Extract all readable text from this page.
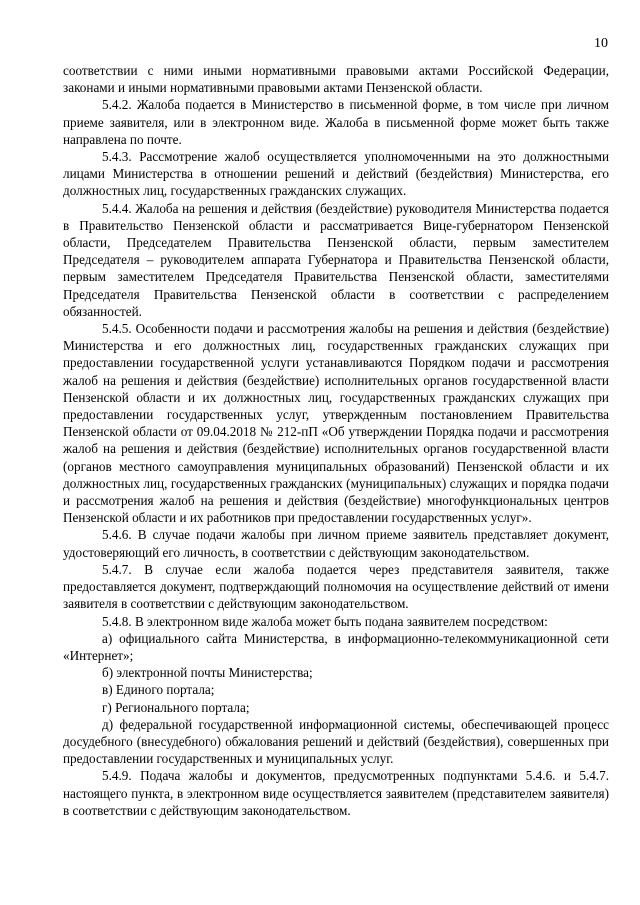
10

соответствии с ними иными нормативными правовыми актами Российской Федерации, законами и иными нормативными правовыми актами Пензенской области.

5.4.2. Жалоба подается в Министерство в письменной форме, в том числе при личном приеме заявителя, или в электронном виде. Жалоба в письменной форме может быть также направлена по почте.

5.4.3. Рассмотрение жалоб осуществляется уполномоченными на это должностными лицами Министерства в отношении решений и действий (бездействия) Министерства, его должностных лиц, государственных гражданских служащих.

5.4.4. Жалоба на решения и действия (бездействие) руководителя Министерства подается в Правительство Пензенской области и рассматривается Вице-губернатором Пензенской области, Председателем Правительства Пензенской области, первым заместителем Председателя – руководителем аппарата Губернатора и Правительства Пензенской области, первым заместителем Председателя Правительства Пензенской области, заместителями Председателя Правительства Пензенской области в соответствии с распределением обязанностей.

5.4.5. Особенности подачи и рассмотрения жалобы на решения и действия (бездействие) Министерства и его должностных лиц, государственных гражданских служащих при предоставлении государственной услуги устанавливаются Порядком подачи и рассмотрения жалоб на решения и действия (бездействие) исполнительных органов государственной власти Пензенской области и их должностных лиц, государственных гражданских служащих при предоставлении государственных услуг, утвержденным постановлением Правительства Пензенской области от 09.04.2018 № 212-пП «Об утверждении Порядка подачи и рассмотрения жалоб на решения и действия (бездействие) исполнительных органов государственной власти (органов местного самоуправления муниципальных образований) Пензенской области и их должностных лиц, государственных гражданских (муниципальных) служащих и порядка подачи и рассмотрения жалоб на решения и действия (бездействие) многофункциональных центров Пензенской области и их работников при предоставлении государственных услуг».

5.4.6. В случае подачи жалобы при личном приеме заявитель представляет документ, удостоверяющий его личность, в соответствии с действующим законодательством.

5.4.7. В случае если жалоба подается через представителя заявителя, также предоставляется документ, подтверждающий полномочия на осуществление действий от имени заявителя в соответствии с действующим законодательством.

5.4.8. В электронном виде жалоба может быть подана заявителем посредством:

а) официального сайта Министерства, в информационно-телекоммуникационной сети «Интернет»;

б) электронной почты Министерства;

в) Единого портала;

г) Регионального портала;

д) федеральной государственной информационной системы, обеспечивающей процесс досудебного (внесудебного) обжалования решений и действий (бездействия), совершенных при предоставлении государственных и муниципальных услуг.

5.4.9. Подача жалобы и документов, предусмотренных подпунктами 5.4.6. и 5.4.7. настоящего пункта, в электронном виде осуществляется заявителем (представителем заявителя) в соответствии с действующим законодательством.
